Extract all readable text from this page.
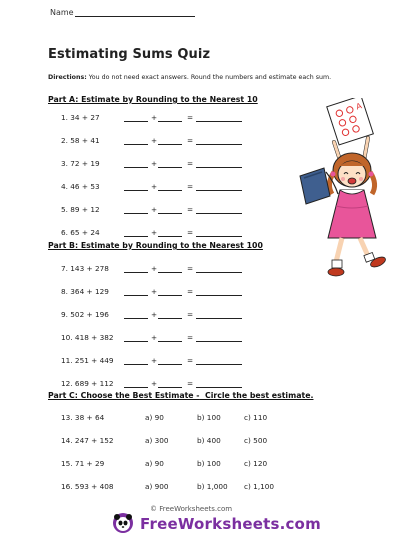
Name
Estimating Sums Quiz
Directions: You do not need exact answers. Round the numbers and estimate each sum.
Part A: Estimate by Rounding to the Nearest 10
1. 34 + 27	+	=
2. 58 + 41	+	=
3. 72 + 19	+	=
4. 46 + 53	+	=
5. 89 + 12	+	=
6. 65 + 24	+	=
Part B: Estimate by Rounding to the Nearest 100
7. 143 + 278	+	=
8. 364 + 129	+	=
9. 502 + 196	+	=
10. 418 + 382	+	=
11. 251 + 449	+	=
12. 689 + 112	+	=
Part C: Choose the Best Estimate - Circle the best estimate.
13. 38 + 64	a) 90	b) 100	c) 110
14. 247 + 152	a) 300	b) 400	c) 500
15. 71 + 29	a) 90	b) 100	c) 120
16. 593 + 408	a) 900	b) 1,000 c) 1,100
A
© FreeWorksheets.com
FreeWorksheets.com
